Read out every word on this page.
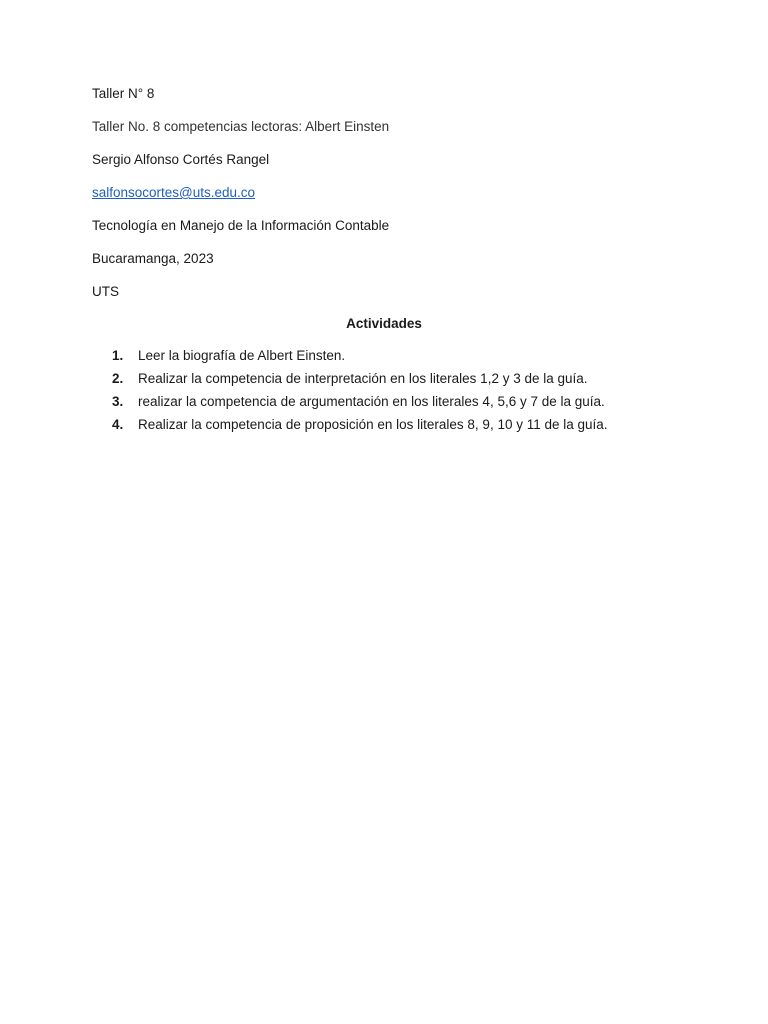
Taller N° 8
Taller No. 8 competencias lectoras: Albert Einsten
Sergio Alfonso Cortés Rangel
salfonsocortes@uts.edu.co
Tecnología en Manejo de la Información Contable
Bucaramanga, 2023
UTS
Actividades
1. Leer la biografía de Albert Einsten.
2. Realizar la competencia de interpretación en los literales 1,2 y 3 de la guía.
3. realizar la competencia de argumentación en los literales 4, 5,6 y 7 de la guía.
4. Realizar la competencia de proposición en los literales 8, 9, 10 y 11 de la guía.
